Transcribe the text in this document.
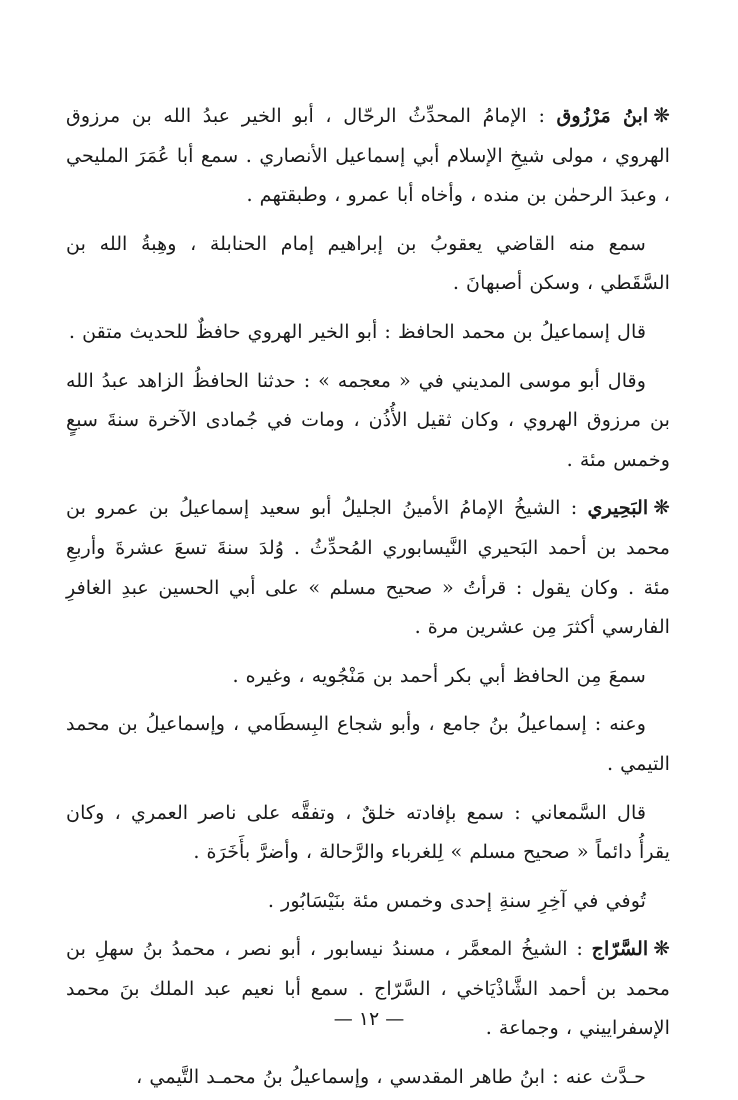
❋ابنُ مَرْزُوق : الإمامُ المحدِّثُ الرحّال ، أبو الخير عبدُ الله بن مرزوق الهروي ، مولى شيخِ الإسلام أبي إسماعيل الأنصاري . سمع أبا عُمَرَ المليحي ، وعبدَ الرحمٰن بن منده ، وأخاه أبا عمرو ، وطبقتهم .

سمع منه القاضي يعقوبُ بن إبراهيم إمام الحنابلة ، وهِبةُ الله بن السَّقَطي ، وسكن أصبهانَ .

قال إسماعيلُ بن محمد الحافظ : أبو الخير الهروي حافظٌ للحديث متقن .

وقال أبو موسى المديني في « معجمه » : حدثنا الحافظُ الزاهد عبدُ الله بن مرزوق الهروي ، وكان ثقيل الأُذُن ، ومات في جُمادى الآخرة سنةَ سبعٍ وخمس مئة .

❋البَحِيري : الشيخُ الإمامُ الأمينُ الجليلُ أبو سعيد إسماعيلُ بن عمرو بن محمد بن أحمد البَحيري النَّيسابوري المُحدِّثُ . وُلدَ سنةَ تسعَ عشرةَ وأربعِ مئة . وكان يقول : قرأتُ « صحيح مسلم » على أبي الحسين عبدِ الغافرِ الفارسي أكثرَ مِن عشرين مرة .

سمعَ مِن الحافظ أبي بكر أحمد بن مَنْجُويه ، وغيره .

وعنه : إسماعيلُ بنُ جامع ، وأبو شجاع البِسطَامي ، وإسماعيلُ بن محمد التيمي .

قال السَّمعاني : سمع بإفادته خلقٌ ، وتفقَّه على ناصر العمري ، وكان يقرأُ دائماً « صحيح مسلم » لِلغرباء والرَّحالة ، وأضرَّ بأَخَرَة .

تُوفي في آخِرِ سنةِ إحدى وخمس مئة بنَيْسَابُور .

❋السَّرّاج : الشيخُ المعمَّر ، مسندُ نيسابور ، أبو نصر ، محمدُ بنُ سهلِ بن محمد بن أحمد الشَّاذْيَاخي ، السَّرّاج . سمع أبا نعيم عبد الملك بنَ محمد الإسفراييني ، وجماعة .

حـدَّث عنه : ابنُ طاهر المقدسي ، وإسماعيلُ بنُ محمـد التَّيمي ،

— ١٢ —
